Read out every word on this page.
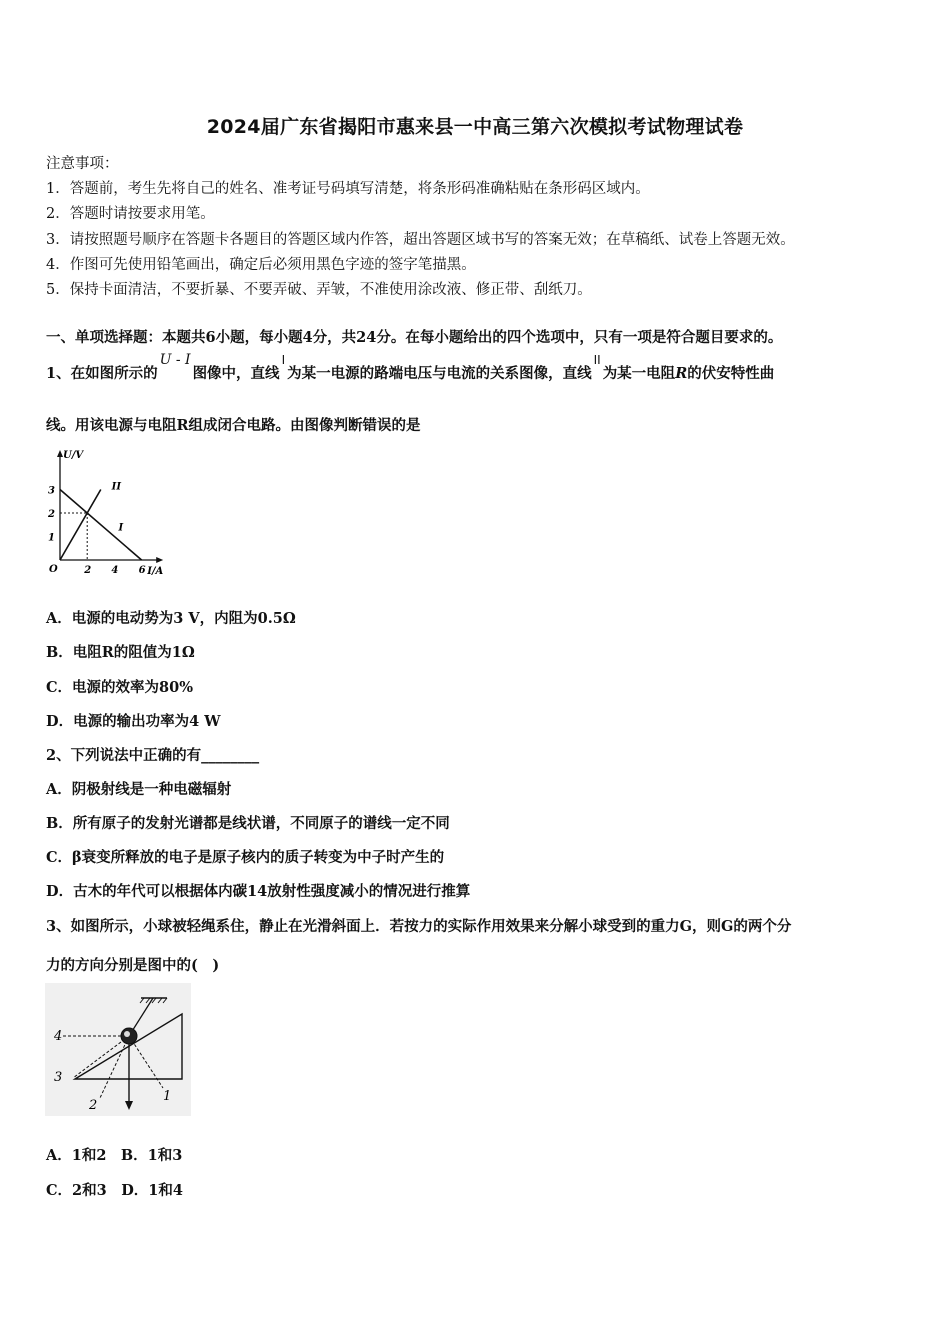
2024届广东省揭阳市惠来县一中高三第六次模拟考试物理试卷
注意事项：
1．答题前，考生先将自己的姓名、准考证号码填写清楚，将条形码准确粘贴在条形码区域内。
2．答题时请按要求用笔。
3．请按照题号顺序在答题卡各题目的答题区域内作答，超出答题区域书写的答案无效；在草稿纸、试卷上答题无效。
4．作图可先使用铅笔画出，确定后必须用黑色字迹的签字笔描黑。
5．保持卡面清洁，不要折暴、不要弄破、弄皱，不准使用涂改液、修正带、刮纸刀。
一、单项选择题：本题共6小题，每小题4分，共24分。在每小题给出的四个选项中，只有一项是符合题目要求的。
1、在如图所示的U - I图像中，直线$^I$为某一电源的路端电压与电流的关系图像，直线$^{II}$为某一电阻R的伏安特性曲
线。用该电源与电阻R组成闭合电路。由图像判断错误的是
U/V
I/A
O	2 4 6
1
2
3
I
II
A．电源的电动势为3 V，内阻为0.5Ω
B．电阻R的阻值为1Ω
C．电源的效率为80%
D．电源的输出功率为4 W
2、下列说法中正确的有________
A．阴极射线是一种电磁辐射
B．所有原子的发射光谱都是线状谱，不同原子的谱线一定不同
C．β衰变所释放的电子是原子核内的质子转变为中子时产生的
D．古木的年代可以根据体内碳14放射性强度减小的情况进行推算
3、如图所示，小球被轻绳系住，静止在光滑斜面上．若按力的实际作用效果来分解小球受到的重力G，则G的两个分
力的方向分别是图中的(　)
4
3
2
1
A．1和2　B．1和3
C．2和3　D．1和4
